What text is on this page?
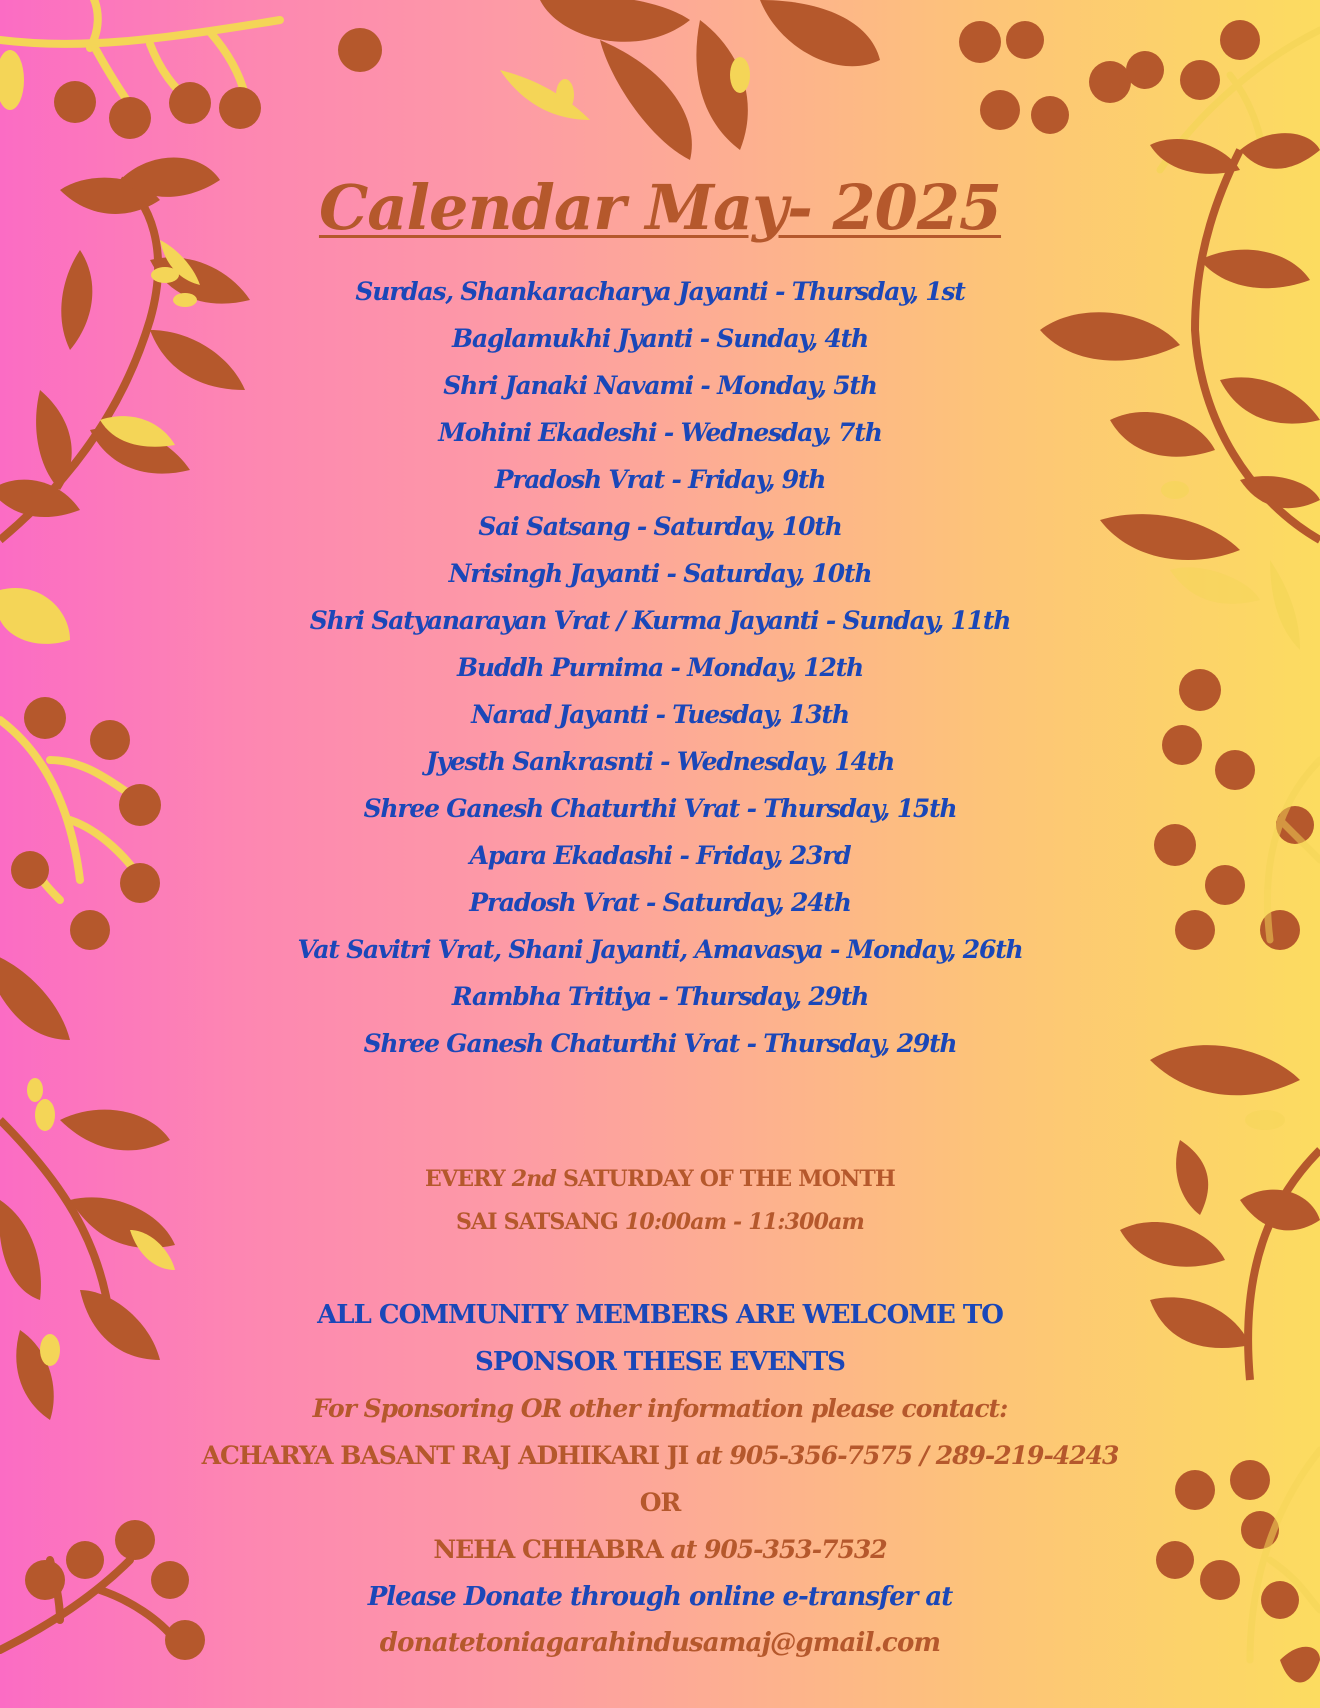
Calendar May- 2025
Surdas, Shankaracharya Jayanti - Thursday, 1st
Baglamukhi Jyanti - Sunday, 4th
Shri Janaki Navami - Monday, 5th
Mohini Ekadeshi - Wednesday, 7th
Pradosh Vrat - Friday, 9th
Sai Satsang - Saturday, 10th
Nrisingh Jayanti - Saturday, 10th
Shri Satyanarayan Vrat / Kurma Jayanti - Sunday, 11th
Buddh Purnima - Monday, 12th
Narad Jayanti - Tuesday, 13th
Jyesth Sankrasnti - Wednesday, 14th
Shree Ganesh Chaturthi Vrat - Thursday, 15th
Apara Ekadashi - Friday, 23rd
Pradosh Vrat - Saturday, 24th
Vat Savitri Vrat, Shani Jayanti, Amavasya - Monday, 26th
Rambha Tritiya - Thursday, 29th
Shree Ganesh Chaturthi Vrat - Thursday, 29th
EVERY 2nd SATURDAY OF THE MONTH
SAI SATSANG 10:00am - 11:300am
ALL COMMUNITY MEMBERS ARE WELCOME TO
SPONSOR THESE EVENTS
For Sponsoring OR other information please contact:
ACHARYA BASANT RAJ ADHIKARI JI at 905-356-7575 / 289-219-4243
OR
NEHA CHHABRA at 905-353-7532
Please Donate through online e-transfer at
donatetoniagarahindusamaj@gmail.com
